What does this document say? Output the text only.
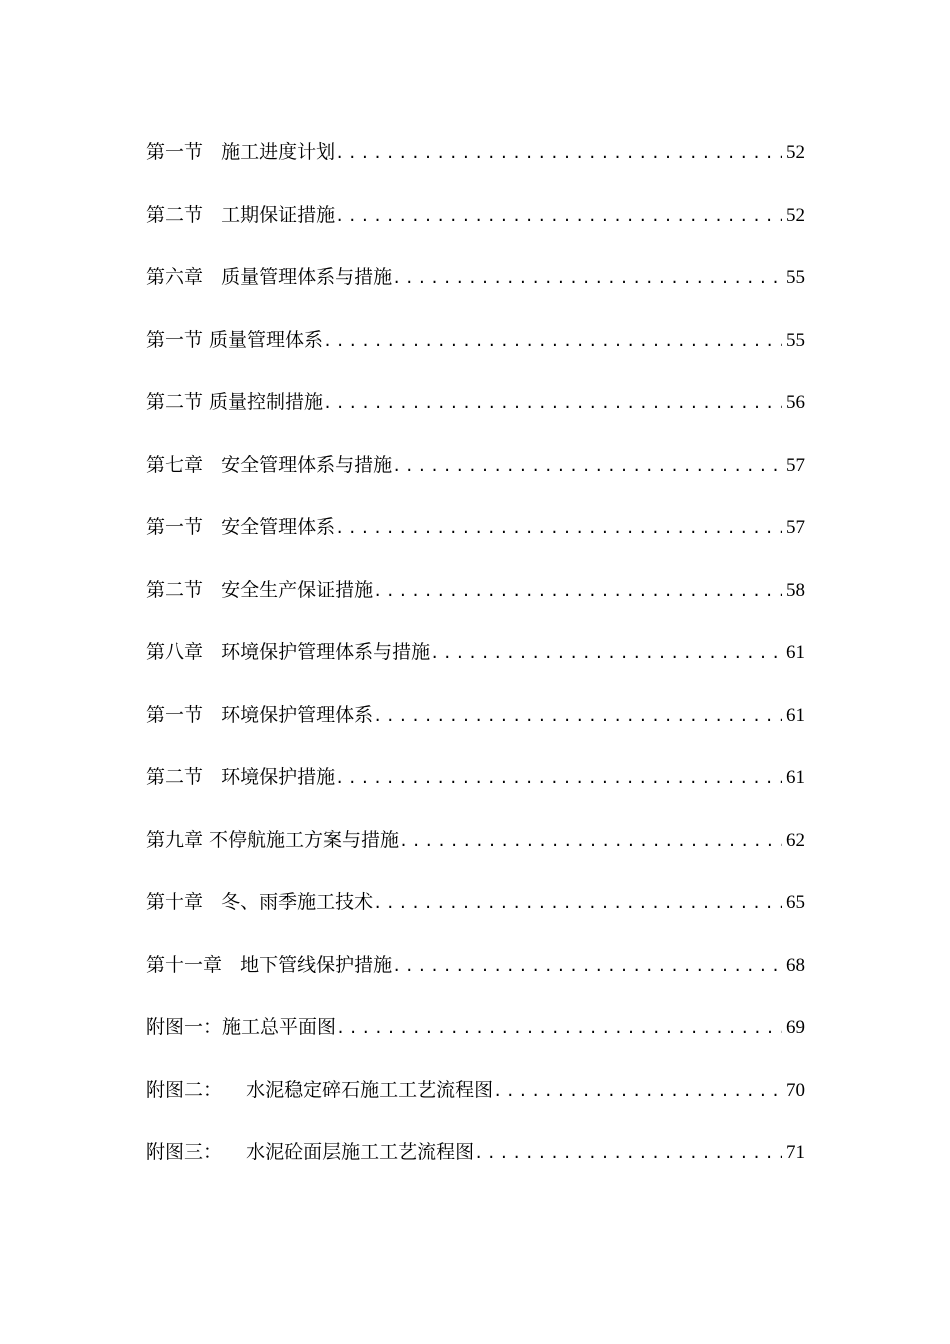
第一节   施工进度计划 .....	52
第二节   工期保证措施 .....	52
第六章   质量管理体系与措施 .....	55
第一节 质量管理体系 .....	55
第二节 质量控制措施 .....	56
第七章   安全管理体系与措施 .....	57
第一节   安全管理体系 .....	57
第二节   安全生产保证措施 .....	58
第八章   环境保护管理体系与措施 .....	61
第一节   环境保护管理体系 .....	61
第二节   环境保护措施 .....	61
第九章 不停航施工方案与措施 .....	62
第十章   冬、雨季施工技术 .....	65
第十一章   地下管线保护措施 .....	68
附图一：施工总平面图 .....	69
附图二：    水泥稳定碎石施工工艺流程图 .....	70
附图三：    水泥砼面层施工工艺流程图 .....	71
